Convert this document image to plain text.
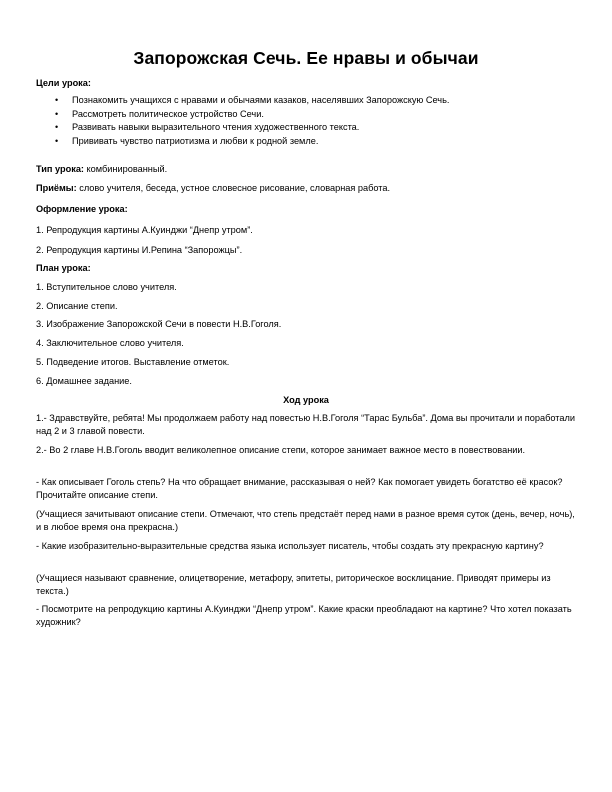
Запорожская Сечь. Ее нравы и обычаи
Цели урока:
• Познакомить учащихся с нравами и обычаями казаков, населявших Запорожскую Сечь.
• Рассмотреть политическое устройство Сечи.
• Развивать навыки выразительного чтения художественного текста.
• Прививать чувство патриотизма и любви к родной земле.
Тип урока: комбинированный.
Приёмы: слово учителя, беседа, устное словесное рисование, словарная работа.
Оформление урока:
1. Репродукция картины А.Куинджи “Днепр утром”.
2. Репродукция картины И.Репина “Запорожцы”.
План урока:
1. Вступительное слово учителя.
2. Описание степи.
3. Изображение Запорожской Сечи в повести Н.В.Гоголя.
4. Заключительное слово учителя.
5. Подведение итогов. Выставление отметок.
6. Домашнее задание.
Ход урока
1.- Здравствуйте, ребята! Мы продолжаем работу над повестью Н.В.Гоголя “Тарас Бульба”. Дома вы прочитали и поработали над 2 и 3 главой повести.
2.- Во 2 главе Н.В.Гоголь вводит великолепное описание степи, которое занимает важное место в повествовании.
- Как описывает Гоголь степь? На что обращает внимание, рассказывая о ней? Как помогает увидеть богатство её красок? Прочитайте описание степи.
(Учащиеся зачитывают описание степи. Отмечают, что степь предстаёт перед нами в разное время суток (день, вечер, ночь), и в любое время она прекрасна.)
- Какие изобразительно-выразительные средства языка использует писатель, чтобы создать эту прекрасную картину?
(Учащиеся называют сравнение, олицетворение, метафору, эпитеты, риторическое восклицание. Приводят примеры из текста.)
- Посмотрите на репродукцию картины А.Куинджи “Днепр утром”. Какие краски преобладают на картине? Что хотел показать художник?
